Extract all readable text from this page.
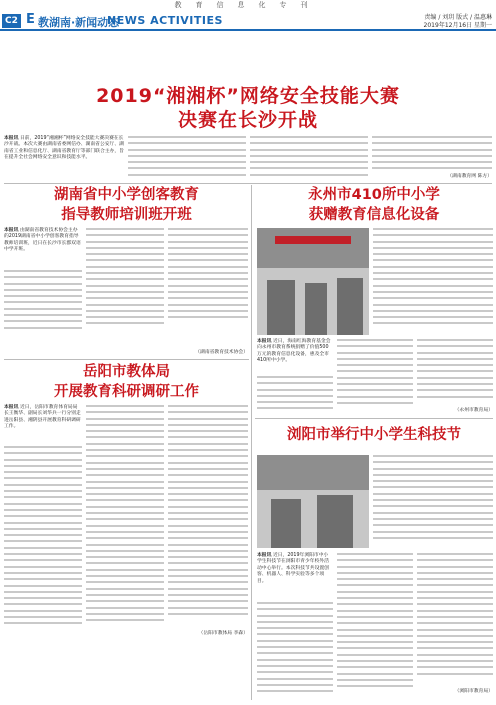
教育信息化专刊
C2 E 教湖南·新闻动态
NEWS ACTIVITIES	责编 / 刘玥 版式 / 温惠琳
2019年12月16日 星期一
2019“湘湘杯”网络安全技能大赛
决赛在长沙开战
本报讯 日前，2019“湘湘杯”网络安全技能大赛决赛在长沙开战。本次大赛由湖南省委网信办、湖南省公安厅、湖南省工业和信息化厅、湖南省教育厅等部门联合主办，旨在提升全社会网络安全意识和技能水平。
（湖南教育网 陈方）
湖南省中小学创客教育
指导教师培训班开班
本报讯 由湖南省教育技术协会主办的2019湖南省中小学创客教育指导教师培训班，近日在长沙市长郡双语中学开班。
（湖南省教育技术协会）
永州市410所中小学
获赠教育信息化设备
本报讯 近日，海南红海教育基金会向永州市教育系统捐赠了价值500万元的教育信息化设备，惠及全市410所中小学。
（永州市教育局）
岳阳市教体局
开展教育科研调研工作
本报讯 近日，岳阳市教育体育局局长王衡华、副局长刘华兵一行分别走进岳阳县、湘阴县开展教育科研调研工作。
（岳阳市教体局 李森）
浏阳市举行中小学生科技节
本报讯 近日，2019年浏阳市中小学生科技节在浏阳市青少年校外活动中心举行。本次科技节共设置创客、机器人、科学实验等多个项目。
（浏阳市教育局）
